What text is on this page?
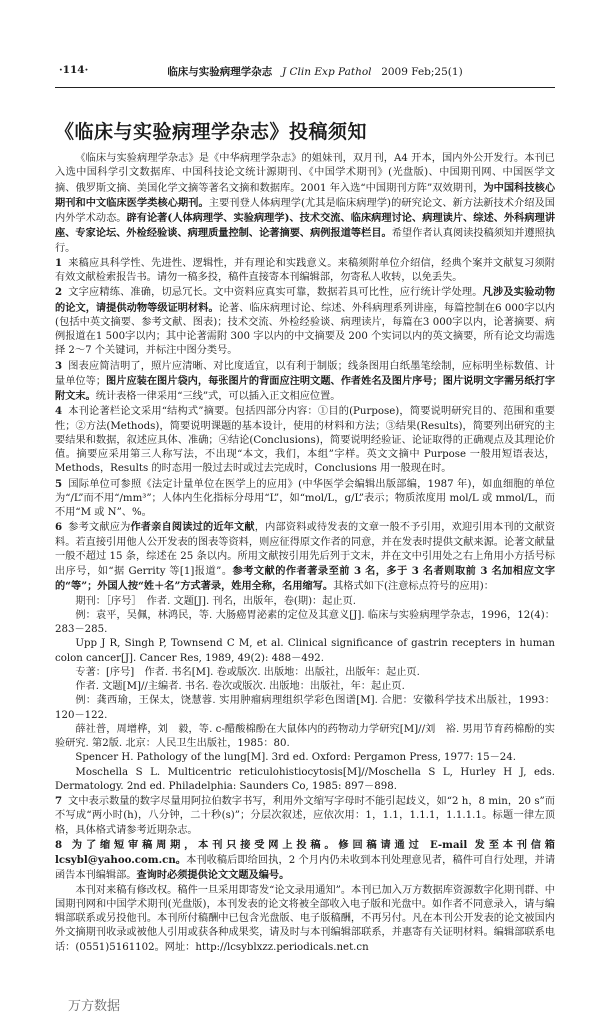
·114·	临床与实验病理学杂志 J Clin Exp Pathol 2009 Feb;25(1)
《临床与实验病理学杂志》投稿须知

《临床与实验病理学杂志》是《中华病理学杂志》的姐妹刊，双月刊，A4 开本，国内外公开发行。本刊已入选中国科学引文数据库、中国科技论文统计源期刊、《中国学术期刊》(光盘版)、中国期刊网、中国医学文摘、俄罗斯文摘、美国化学文摘等著名文摘和数据库。2001 年入选“中国期刊方阵”双效期刊，为中国科技核心期刊和中文临床医学类核心期刊。主要刊登人体病理学(尤其是临床病理学)的研究论文、新方法新技术介绍及国内外学术动态。辟有论著(人体病理学、实验病理学)、技术交流、临床病理讨论、病理读片、综述、外科病理讲座、专家论坛、外检经验谈、病理质量控制、论著摘要、病例报道等栏目。希望作者认真阅读投稿须知并遵照执行。

1 来稿应具科学性、先进性、逻辑性，并有理论和实践意义。来稿须附单位介绍信，经典个案并文献复习须附有效文献检索报告书。请勿一稿多投，稿件直接寄本刊编辑部，勿寄私人收转，以免丢失。

2 文字应精练、准确，切忌冗长。文中资料应真实可靠，数据若具可比性，应行统计学处理。凡涉及实验动物的论文，请提供动物等级证明材料。论著、临床病理讨论、综述、外科病理系列讲座，每篇控制在6 000字以内(包括中英文摘要、参考文献、图表)；技术交流、外检经验谈、病理读片，每篇在3 000字以内，论著摘要、病例报道在1 500字以内；其中论著需附 300 字以内的中文摘要及 200 个实词以内的英文摘要，所有论文均需选择 2～7 个关键词，并标注中图分类号。

3 图表应简洁明了，照片应清晰、对比度适宜，以有利于制版；线条图用白纸墨笔绘制，应标明坐标数值、计量单位等；图片应装在图片袋内，每张图片的背面应注明文题、作者姓名及图片序号；图片说明文字需另纸打字附文末。统计表格一律采用“三线”式，可以插入正文相应位置。

4 本刊论著栏论文采用“结构式”摘要。包括四部分内容：①目的(Purpose)，简要说明研究目的、范围和重要性；②方法(Methods)，简要说明课题的基本设计，使用的材料和方法；③结果(Results)，简要列出研究的主要结果和数据，叙述应具体、准确；④结论(Conclusions)，简要说明经验证、论证取得的正确观点及其理论价值。摘要应采用第三人称写法，不出现“本文，我们，本组”字样。英文文摘中 Purpose 一般用短语表达，Methods，Results 的时态用一般过去时或过去完成时，Conclusions 用一般现在时。

5 国际单位可参照《法定计量单位在医学上的应用》(中华医学会编辑出版部编，1987 年)，如血细胞的单位为“/L”而不用“/mm³”；人体内生化指标分母用“L”，如“mol/L，g/L”表示；物质浓度用 mol/L 或 mmol/L，而不用“M 或 N”、%。

6 参考文献应为作者亲自阅读过的近年文献，内部资料或待发表的文章一般不予引用，欢迎引用本刊的文献资料。若直接引用他人公开发表的图表等资料，则应征得原文作者的同意，并在发表时提供文献来源。论著文献量一般不超过 15 条，综述在 25 条以内。所用文献按引用先后列于文末，并在文中引用处之右上角用小方括号标出序号，如“据 Gerrity 等[1]报道”。参考文献的作者著录至前 3 名，多于 3 名者则取前 3 名加相应文字的“等”；外国人按“姓＋名”方式著录，姓用全称，名用缩写。其格式如下(注意标点符号的应用)：

期刊：［序号］　作者. 文题[J]. 刊名，出版年，卷(期)：起止页.

例：袁平，吴佩，林鸿民，等. 大肠癌胃泌素的定位及其意义[J]. 临床与实验病理学杂志，1996，12(4)：283－285.

Upp J R, Singh P, Townsend C M, et al. Clinical significance of gastrin recepters in human colon cancer[J]. Cancer Res, 1989, 49(2): 488－492.

专著：[序号]　作者. 书名[M]. 卷或版次. 出版地：出版社，出版年：起止页.

作者. 文题[M]//主编者. 书名. 卷次或版次. 出版地：出版社，年：起止页.

例：龚西瑜，王保太，饶慧蓉. 实用肿瘤病理组织学彩色图谱[M]. 合肥：安徽科学技术出版社，1993：120－122.

薛社普，周增桦，刘　毅，等. c-醋酸棉酚在大鼠体内的药物动力学研究[M]//刘　裕. 男用节育药棉酚的实验研究. 第2版. 北京：人民卫生出版社，1985：80.

Spencer H. Pathology of the lung[M]. 3rd ed. Oxford: Pergamon Press, 1977: 15－24.

Moschella S L. Multicentric reticulohistiocytosis[M]//Moschella S L, Hurley H J, eds. Dermatology. 2nd ed. Philadelphia: Saunders Co, 1985: 897－898.

7 文中表示数量的数字尽量用阿拉伯数字书写，利用外文缩写字母时不能引起歧义，如“2 h，8 min，20 s”而不写成“两小时(h)，八分钟，二十秒(s)”；分层次叙述，应依次用：1，1.1，1.1.1，1.1.1.1。标题一律左顶格，具体格式请参考近期杂志。

8 为了缩短审稿周期，本刊只接受网上投稿。修回稿请通过 E-mail 发至本刊信箱 lcsybl@yahoo.com.cn。本刊收稿后即给回执，2 个月内仍未收到本刊处理意见者，稿件可自行处理，并请函告本刊编辑部。查询时必须提供论文文题及编号。

本刊对来稿有修改权。稿件一旦采用即寄发“论文录用通知”。本刊已加入万方数据库资源数字化期刊群、中国期刊网和中国学术期刊(光盘版)，本刊发表的论文将被全部收入电子版和光盘中。如作者不同意录入，请与编辑部联系或另投他刊。本刊所付稿酬中已包含光盘版、电子版稿酬，不再另付。凡在本刊公开发表的论文被国内外文摘期刊收录或被他人引用或获各种成果奖，请及时与本刊编辑部联系，并惠寄有关证明材料。编辑部联系电话：(0551)5161102。网址：http://lcsyblxzz.periodicals.net.cn

万方数据
